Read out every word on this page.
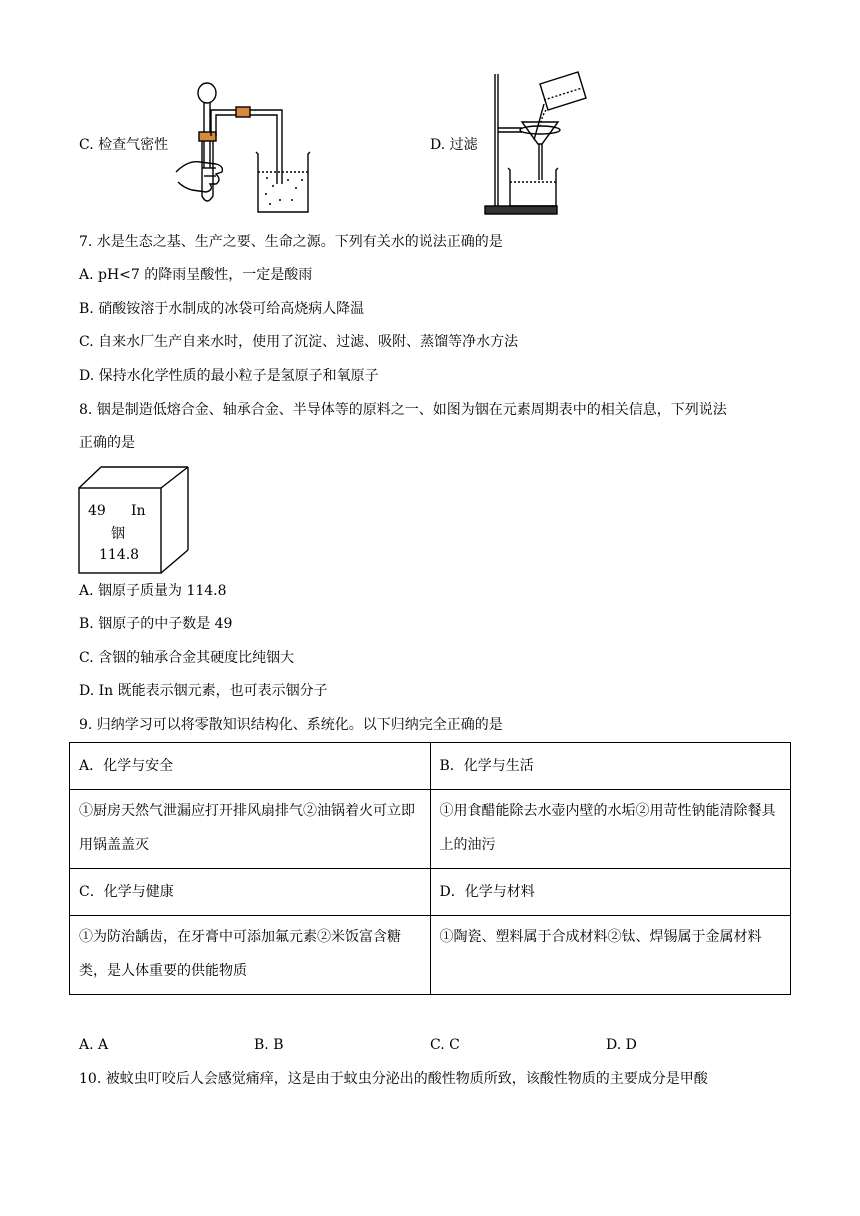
C. 检查气密性	D. 过滤
7. 水是生态之基、生产之要、生命之源。下列有关水的说法正确的是
A. pH<7 的降雨呈酸性，一定是酸雨
B. 硝酸铵溶于水制成的冰袋可给高烧病人降温
C. 自来水厂生产自来水时，使用了沉淀、过滤、吸附、蒸馏等净水方法
D. 保持水化学性质的最小粒子是氢原子和氧原子
8. 铟是制造低熔合金、轴承合金、半导体等的原料之一、如图为铟在元素周期表中的相关信息，下列说法
正确的是
49 In
铟
114.8
A. 铟原子质量为 114.8
B. 铟原子的中子数是 49
C. 含铟的轴承合金其硬度比纯铟大
D. In 既能表示铟元素，也可表示铟分子
9. 归纳学习可以将零散知识结构化、系统化。以下归纳完全正确的是
A．化学与安全	B．化学与生活
①厨房天然气泄漏应打开排风扇排气②油锅着火可立即用锅盖盖灭	①用食醋能除去水壶内壁的水垢②用苛性钠能清除餐具上的油污
C．化学与健康	D．化学与材料
①为防治龋齿，在牙膏中可添加氟元素②米饭富含糖类，是人体重要的供能物质	①陶瓷、塑料属于合成材料②钛、焊锡属于金属材料
A. A	B. B	C. C	D. D
10. 被蚊虫叮咬后人会感觉痛痒，这是由于蚊虫分泌出的酸性物质所致，该酸性物质的主要成分是甲酸
